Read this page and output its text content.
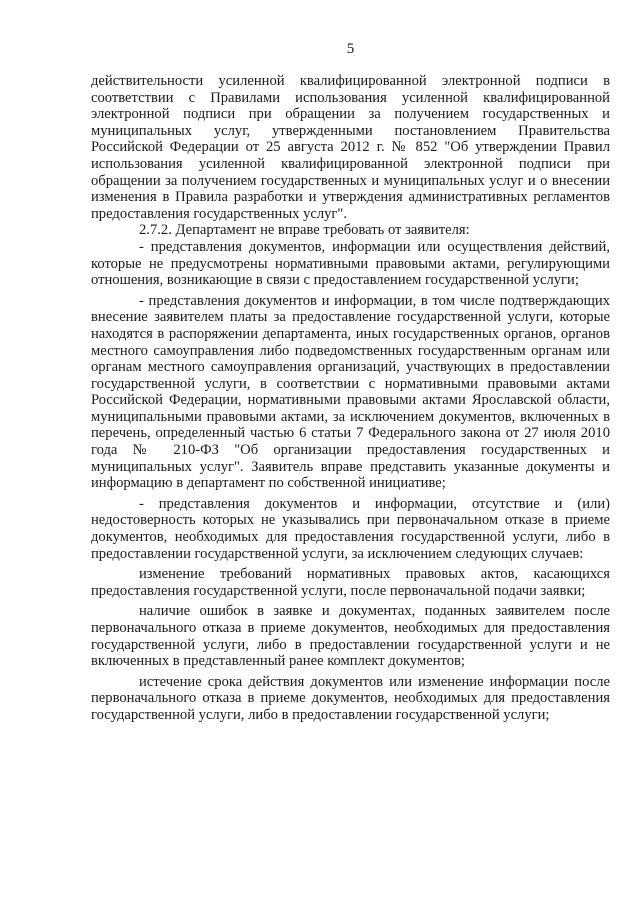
5

действительности усиленной квалифицированной электронной подписи в соответствии с Правилами использования усиленной квалифицированной электронной подписи при обращении за получением государственных и муниципальных услуг, утвержденными постановлением Правительства Российской Федерации от 25 августа 2012 г. № 852 "Об утверждении Правил использования усиленной квалифицированной электронной подписи при обращении за получением государственных и муниципальных услуг и о внесении изменения в Правила разработки и утверждения административных регламентов предоставления государственных услуг".

2.7.2. Департамент не вправе требовать от заявителя:

- представления документов, информации или осуществления действий, которые не предусмотрены нормативными правовыми актами, регулирующими отношения, возникающие в связи с предоставлением государственной услуги;

- представления документов и информации, в том числе подтверждающих внесение заявителем платы за предоставление государственной услуги, которые находятся в распоряжении департамента, иных государственных органов, органов местного самоуправления либо подведомственных государственным органам или органам местного самоуправления организаций, участвующих в предоставлении государственной услуги, в соответствии с нормативными правовыми актами Российской Федерации, нормативными правовыми актами Ярославской области, муниципальными правовыми актами, за исключением документов, включенных в перечень, определенный частью 6 статьи 7 Федерального закона от 27 июля 2010 года № 210-ФЗ "Об организации предоставления государственных и муниципальных услуг". Заявитель вправе представить указанные документы и информацию в департамент по собственной инициативе;

- представления документов и информации, отсутствие и (или) недостоверность которых не указывались при первоначальном отказе в приеме документов, необходимых для предоставления государственной услуги, либо в предоставлении государственной услуги, за исключением следующих случаев:

изменение требований нормативных правовых актов, касающихся предоставления государственной услуги, после первоначальной подачи заявки;

наличие ошибок в заявке и документах, поданных заявителем после первоначального отказа в приеме документов, необходимых для предоставления государственной услуги, либо в предоставлении государственной услуги и не включенных в представленный ранее комплект документов;

истечение срока действия документов или изменение информации после первоначального отказа в приеме документов, необходимых для предоставления государственной услуги, либо в предоставлении государственной услуги;
